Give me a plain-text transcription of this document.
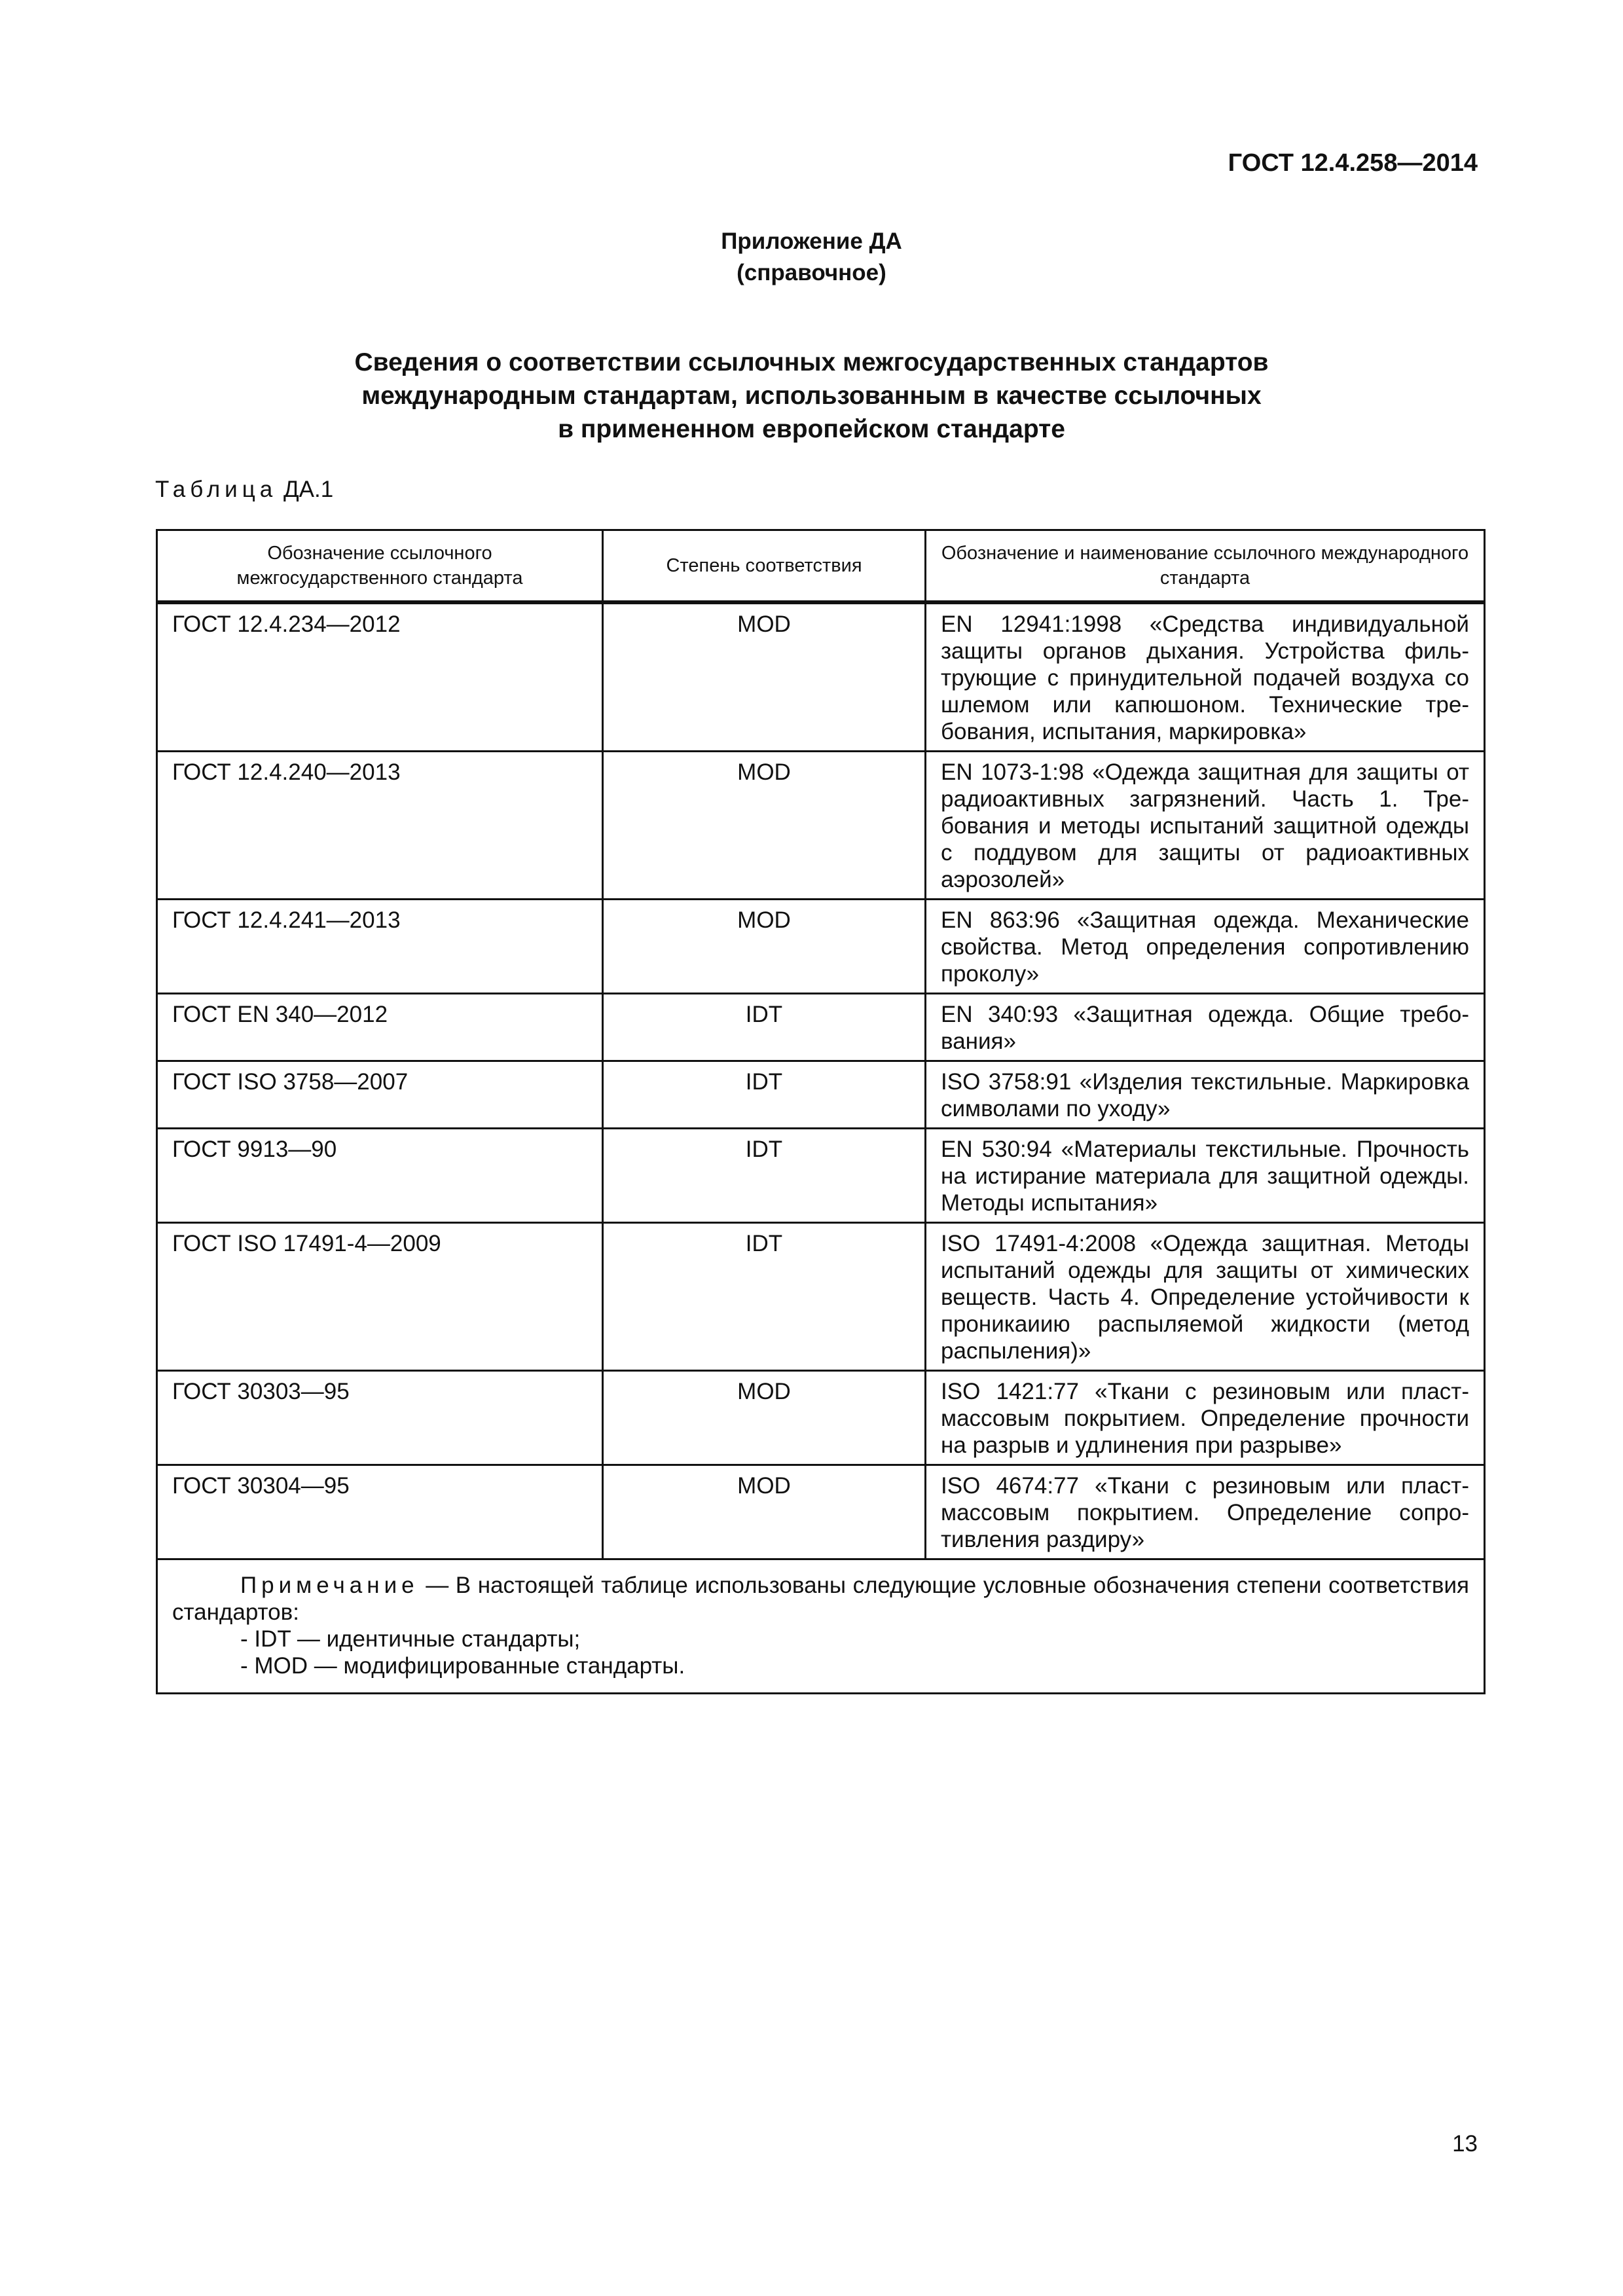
ГОСТ 12.4.258—2014
Приложение ДА
(справочное)
Сведения о соответствии ссылочных межгосударственных стандартов
международным стандартам, использованным в качестве ссылочных
в примененном европейском стандарте
Таблица ДА.1
Обозначение ссылочного межгосударственного стандарта	Степень соответствия	Обозначение и наименование ссылочного международного стандарта
ГОСТ 12.4.234—2012	MOD	EN 12941:1998 «Средства индивидуальной защиты органов дыхания. Устройства фильтрующие с принудительной подачей воздуха со шлемом или капюшоном. Технические требования, испытания, маркировка»
ГОСТ 12.4.240—2013	MOD	EN 1073-1:98 «Одежда защитная для защиты от радиоактивных загрязнений. Часть 1. Требования и методы испытаний защитной одежды с поддувом для защиты от радиоактивных аэрозолей»
ГОСТ 12.4.241—2013	MOD	EN 863:96 «Защитная одежда. Механические свойства. Метод определения сопротивлению проколу»
ГОСТ EN 340—2012	IDT	EN 340:93 «Защитная одежда. Общие требования»
ГОСТ ISO 3758—2007	IDT	ISO 3758:91 «Изделия текстильные. Маркировка символами по уходу»
ГОСТ 9913—90	IDT	EN 530:94 «Материалы текстильные. Прочность на истирание материала для защитной одежды. Методы испытания»
ГОСТ ISO 17491-4—2009	IDT	ISO 17491-4:2008 «Одежда защитная. Методы испытаний одежды для защиты от химических веществ. Часть 4. Определение устойчивости к проникаиию распыляемой жидкости (метод распыления)»
ГОСТ 30303—95	MOD	ISO 1421:77 «Ткани с резиновым или пластмассовым покрытием. Определение прочности на разрыв и удлинения при разрыве»
ГОСТ 30304—95	MOD	ISO 4674:77 «Ткани с резиновым или пластмассовым покрытием. Определение сопротивления раздиру»

Примечание — В настоящей таблице использованы следующие условные обозначения степени соответствия стандартов:
- IDT — идентичные стандарты;
- MOD — модифицированные стандарты.		
13
